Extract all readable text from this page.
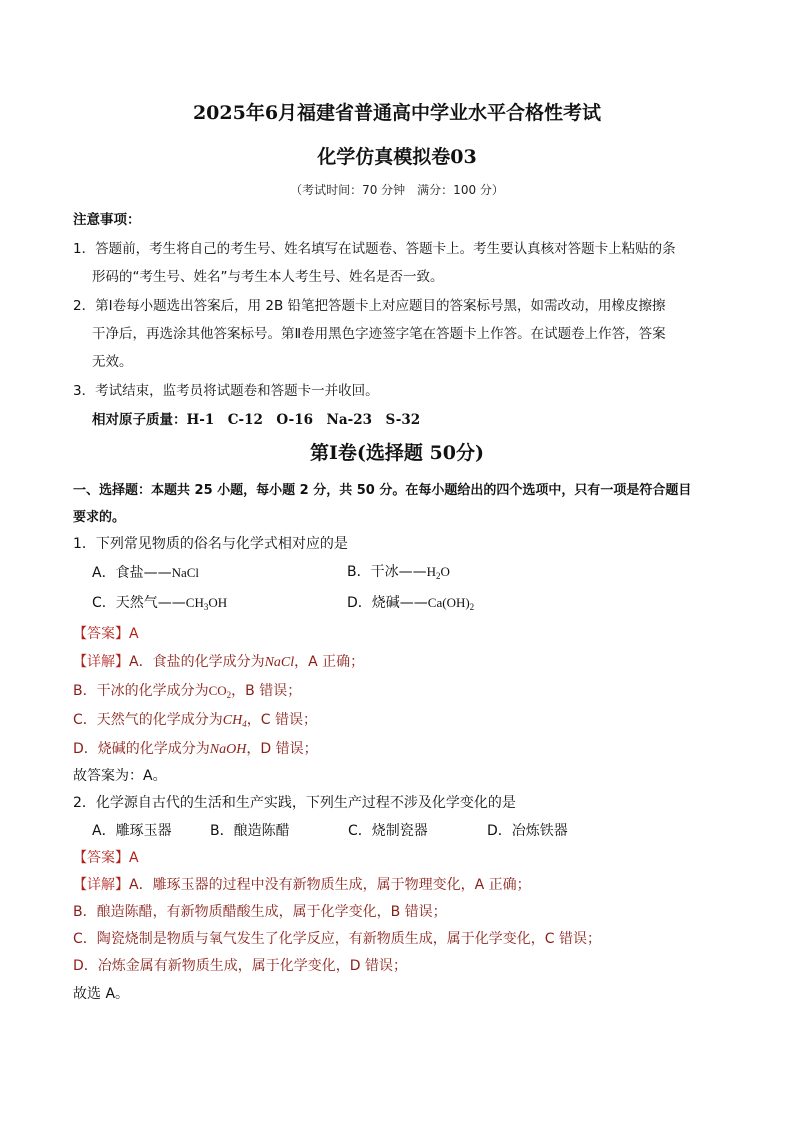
2025年6月福建省普通高中学业水平合格性考试
化学仿真模拟卷03
（考试时间：70 分钟　满分：100 分）
注意事项：
1．答题前，考生将自己的考生号、姓名填写在试题卷、答题卡上。考生要认真核对答题卡上粘贴的条
形码的“考生号、姓名”与考生本人考生号、姓名是否一致。
2．第Ⅰ卷每小题选出答案后，用 2B 铅笔把答题卡上对应题目的答案标号黑，如需改动，用橡皮擦擦
干净后，再选涂其他答案标号。第Ⅱ卷用黑色字迹签字笔在答题卡上作答。在试题卷上作答，答案
无效。
3．考试结束，监考员将试题卷和答题卡一并收回。
相对原子质量：H-1　C-12　O-16　Na-23　S-32
第Ⅰ卷(选择题 50分)
一、选择题：本题共 25 小题，每小题 2 分，共 50 分。在每小题给出的四个选项中，只有一项是符合题目
要求的。
1．下列常见物质的俗名与化学式相对应的是
A．食盐——NaCl	B．干冰$——H_2O$
C．天然气$——CH_3OH$	D．烧碱$——Ca(OH)_2$
【答案】A
【详解】A．食盐的化学成分为NaCl，A 正确；
B．干冰的化学成分为$CO_2$，B 错误；
C．天然气的化学成分为$CH_4$，C 错误；
D．烧碱的化学成分为NaOH，D 错误；
故答案为：A。
2．化学源自古代的生活和生产实践，下列生产过程不涉及化学变化的是
A．雕琢玉器	B．酿造陈醋	C．烧制瓷器	D．冶炼铁器
【答案】A
【详解】A．雕琢玉器的过程中没有新物质生成，属于物理变化，A 正确；
B．酿造陈醋，有新物质醋酸生成，属于化学变化，B 错误；
C．陶瓷烧制是物质与氧气发生了化学反应，有新物质生成，属于化学变化，C 错误；
D．冶炼金属有新物质生成，属于化学变化，D 错误；
故选 A。
